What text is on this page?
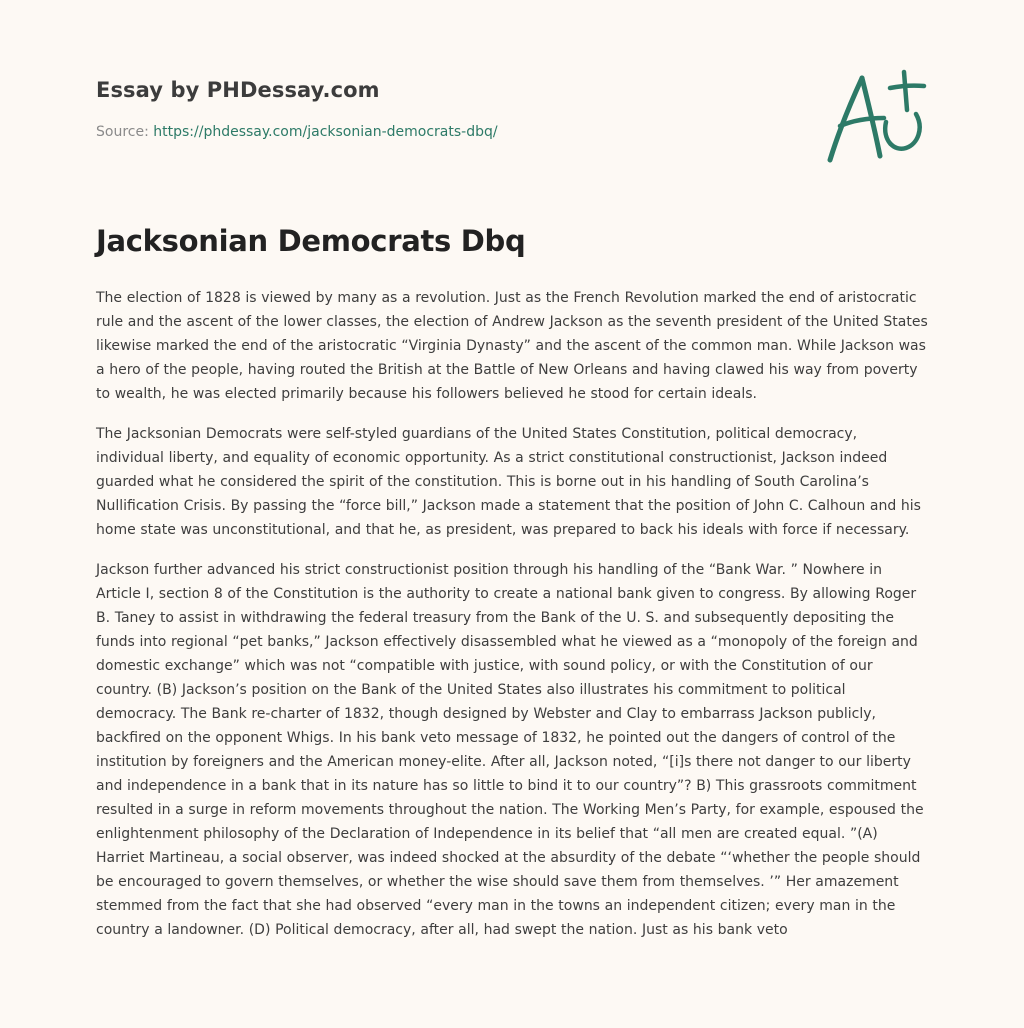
Essay by PHDessay.com
Source: https://phdessay.com/jacksonian-democrats-dbq/
Jacksonian Democrats Dbq

The election of 1828 is viewed by many as a revolution. Just as the French Revolution marked the end of aristocratic rule and the ascent of the lower classes, the election of Andrew Jackson as the seventh president of the United States likewise marked the end of the aristocratic “Virginia Dynasty” and the ascent of the common man. While Jackson was a hero of the people, having routed the British at the Battle of New Orleans and having clawed his way from poverty to wealth, he was elected primarily because his followers believed he stood for certain ideals.

The Jacksonian Democrats were self-styled guardians of the United States Constitution, political democracy, individual liberty, and equality of economic opportunity. As a strict constitutional constructionist, Jackson indeed guarded what he considered the spirit of the constitution. This is borne out in his handling of South Carolina’s Nullification Crisis. By passing the “force bill,” Jackson made a statement that the position of John C. Calhoun and his home state was unconstitutional, and that he, as president, was prepared to back his ideals with force if necessary.

Jackson further advanced his strict constructionist position through his handling of the “Bank War. ” Nowhere in Article I, section 8 of the Constitution is the authority to create a national bank given to congress. By allowing Roger B. Taney to assist in withdrawing the federal treasury from the Bank of the U. S. and subsequently depositing the funds into regional “pet banks,” Jackson effectively disassembled what he viewed as a “monopoly of the foreign and domestic exchange” which was not “compatible with justice, with sound policy, or with the Constitution of our country. (B) Jackson’s position on the Bank of the United States also illustrates his commitment to political democracy. The Bank re-charter of 1832, though designed by Webster and Clay to embarrass Jackson publicly, backfired on the opponent Whigs. In his bank veto message of 1832, he pointed out the dangers of control of the institution by foreigners and the American money-elite. After all, Jackson noted, “[i]s there not danger to our liberty and independence in a bank that in its nature has so little to bind it to our country”? B) This grassroots commitment resulted in a surge in reform movements throughout the nation. The Working Men’s Party, for example, espoused the enlightenment philosophy of the Declaration of Independence in its belief that “all men are created equal. ”(A) Harriet Martineau, a social observer, was indeed shocked at the absurdity of the debate “‘whether the people should be encouraged to govern themselves, or whether the wise should save them from themselves. ’” Her amazement stemmed from the fact that she had observed “every man in the towns an independent citizen; every man in the country a landowner. (D) Political democracy, after all, had swept the nation. Just as his bank veto
